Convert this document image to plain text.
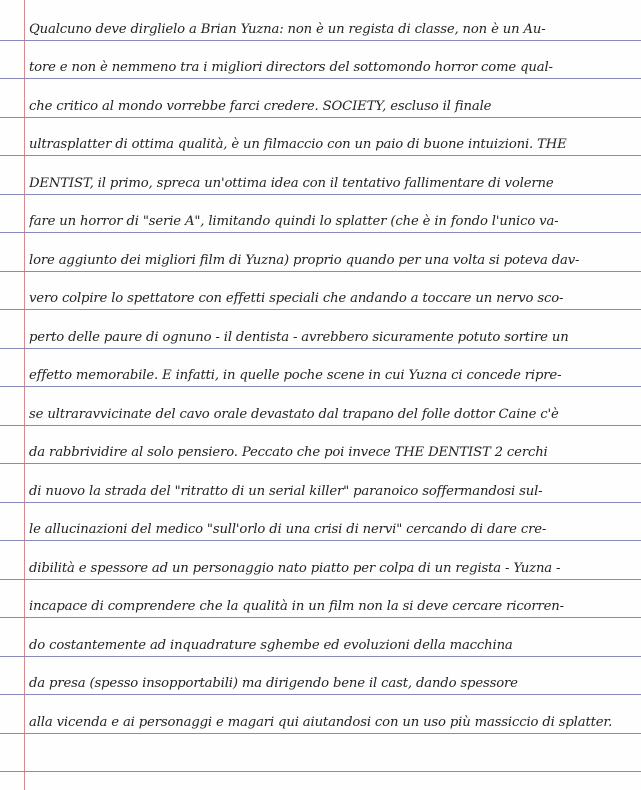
Qualcuno deve dirglielo a Brian Yuzna: non è un regista di classe, non è un Au-
tore e non è nemmeno tra i migliori directors del sottomondo horror come qual-
che critico al mondo vorrebbe farci credere. SOCIETY, escluso il finale
ultrasplatter di ottima qualità, è un filmaccio con un paio di buone intuizioni. THE
DENTIST, il primo, spreca un'ottima idea con il tentativo fallimentare di volerne
fare un horror di "serie A", limitando quindi lo splatter (che è in fondo l'unico va-
lore aggiunto dei migliori film di Yuzna) proprio quando per una volta si poteva dav-
vero colpire lo spettatore con effetti speciali che andando a toccare un nervo sco-
perto delle paure di ognuno - il dentista - avrebbero sicuramente potuto sortire un
effetto memorabile. E infatti, in quelle poche scene in cui Yuzna ci concede ripre-
se ultraravvicinate del cavo orale devastato dal trapano del folle dottor Caine c'è
da rabbrividire al solo pensiero. Peccato che poi invece THE DENTIST 2 cerchi
di nuovo la strada del "ritratto di un serial killer" paranoico soffermandosi sul-
le allucinazioni del medico "sull'orlo di una crisi di nervi" cercando di dare cre-
dibilità e spessore ad un personaggio nato piatto per colpa di un regista - Yuzna -
incapace di comprendere che la qualità in un film non la si deve cercare ricorren-
do costantemente ad inquadrature sghembe ed evoluzioni della macchina
da presa (spesso insopportabili) ma dirigendo bene il cast, dando spessore
alla vicenda e ai personaggi e magari qui aiutandosi con un uso più massiccio di splatter.
